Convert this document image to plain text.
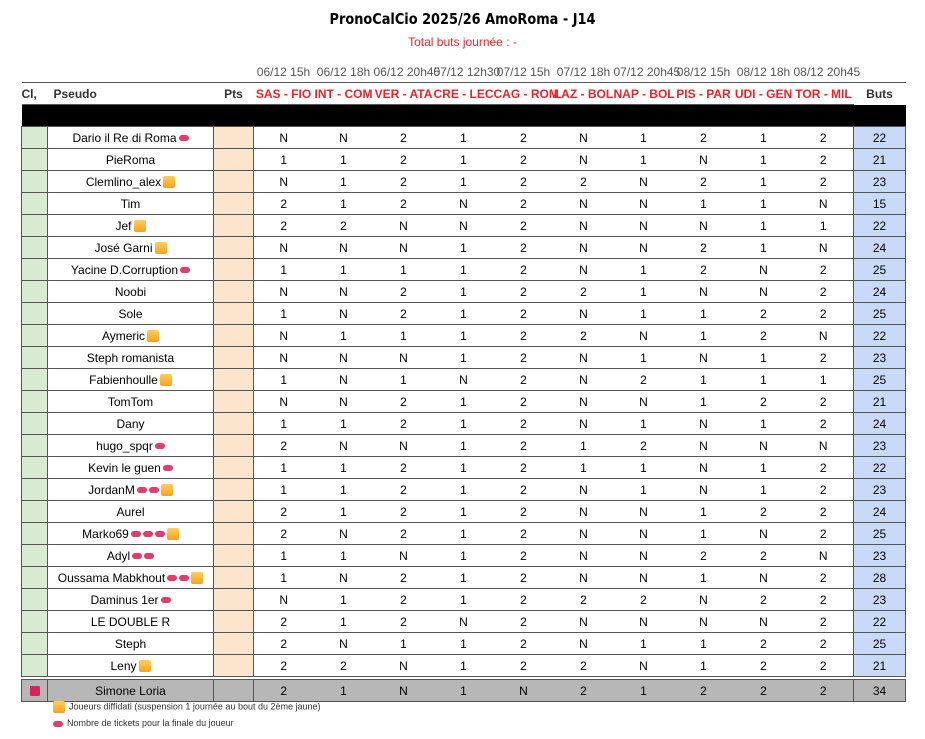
PronoCalCio 2025/26 AmoRoma - J14
Total buts journée : -
			06/12 15h	06/12 18h	06/12 20h45	07/12 12h30	07/12 15h	07/12 18h	07/12 20h45	08/12 15h	08/12 18h	08/12 20h45	
Cl,	Pseudo	Pts	SAS - FIO	INT - COM	VER - ATA	CRE - LEC	CAG - ROM	LAZ - BOL	NAP - BOL	PIS - PAR	UDI - GEN	TOR - MIL	Buts

	Dario il Re di Roma		N	N	2	1	2	N	1	2	1	2	22
	PieRoma		1	1	2	1	2	N	1	N	1	2	21
	Clemlino_alex		N	1	2	1	2	2	N	2	1	2	23
	Tim		2	1	2	N	2	N	N	1	1	N	15
	Jef		2	2	N	N	2	N	N	N	1	1	22
	José Garni		N	N	N	1	2	N	N	2	1	N	24
	Yacine D.Corruption		1	1	1	1	2	N	1	2	N	2	25
	Noobi		N	N	2	1	2	2	1	N	N	2	24
	Sole		1	N	2	1	2	N	1	1	2	2	25
	Aymeric		N	1	1	1	2	2	N	1	2	N	22
	Steph romanista		N	N	N	1	2	N	1	N	1	2	23
	Fabienhoulle		1	N	1	N	2	N	2	1	1	1	25
	TomTom		N	N	2	1	2	N	N	1	2	2	21
	Dany		1	1	2	1	2	N	1	N	1	2	24
	hugo_spqr		2	N	N	1	2	1	2	N	N	N	23
	Kevin le guen		1	1	2	1	2	1	1	N	1	2	22
	JordanM		1	1	2	1	2	N	1	N	1	2	23
	Aurel		2	1	2	1	2	N	N	1	2	2	24
	Marko69		2	N	2	1	2	N	N	1	N	2	25
	Adyl		1	1	N	1	2	N	N	2	2	N	23
	Oussama Mabkhout		1	N	2	1	2	N	N	1	N	2	28
	Daminus 1er		N	1	2	1	2	2	2	N	2	2	23
	LE DOUBLE R		2	1	2	N	2	N	N	N	N	2	22
	Steph		2	N	1	1	2	N	1	1	2	2	25
	Leny		2	2	N	1	2	2	N	1	2	2	21

	Simone Loria		2	1	N	1	N	2	1	2	2	2	34
Joueurs diffidati (suspension 1 journée au bout du 2ème jaune)
Nombre de tickets pour la finale du joueur
